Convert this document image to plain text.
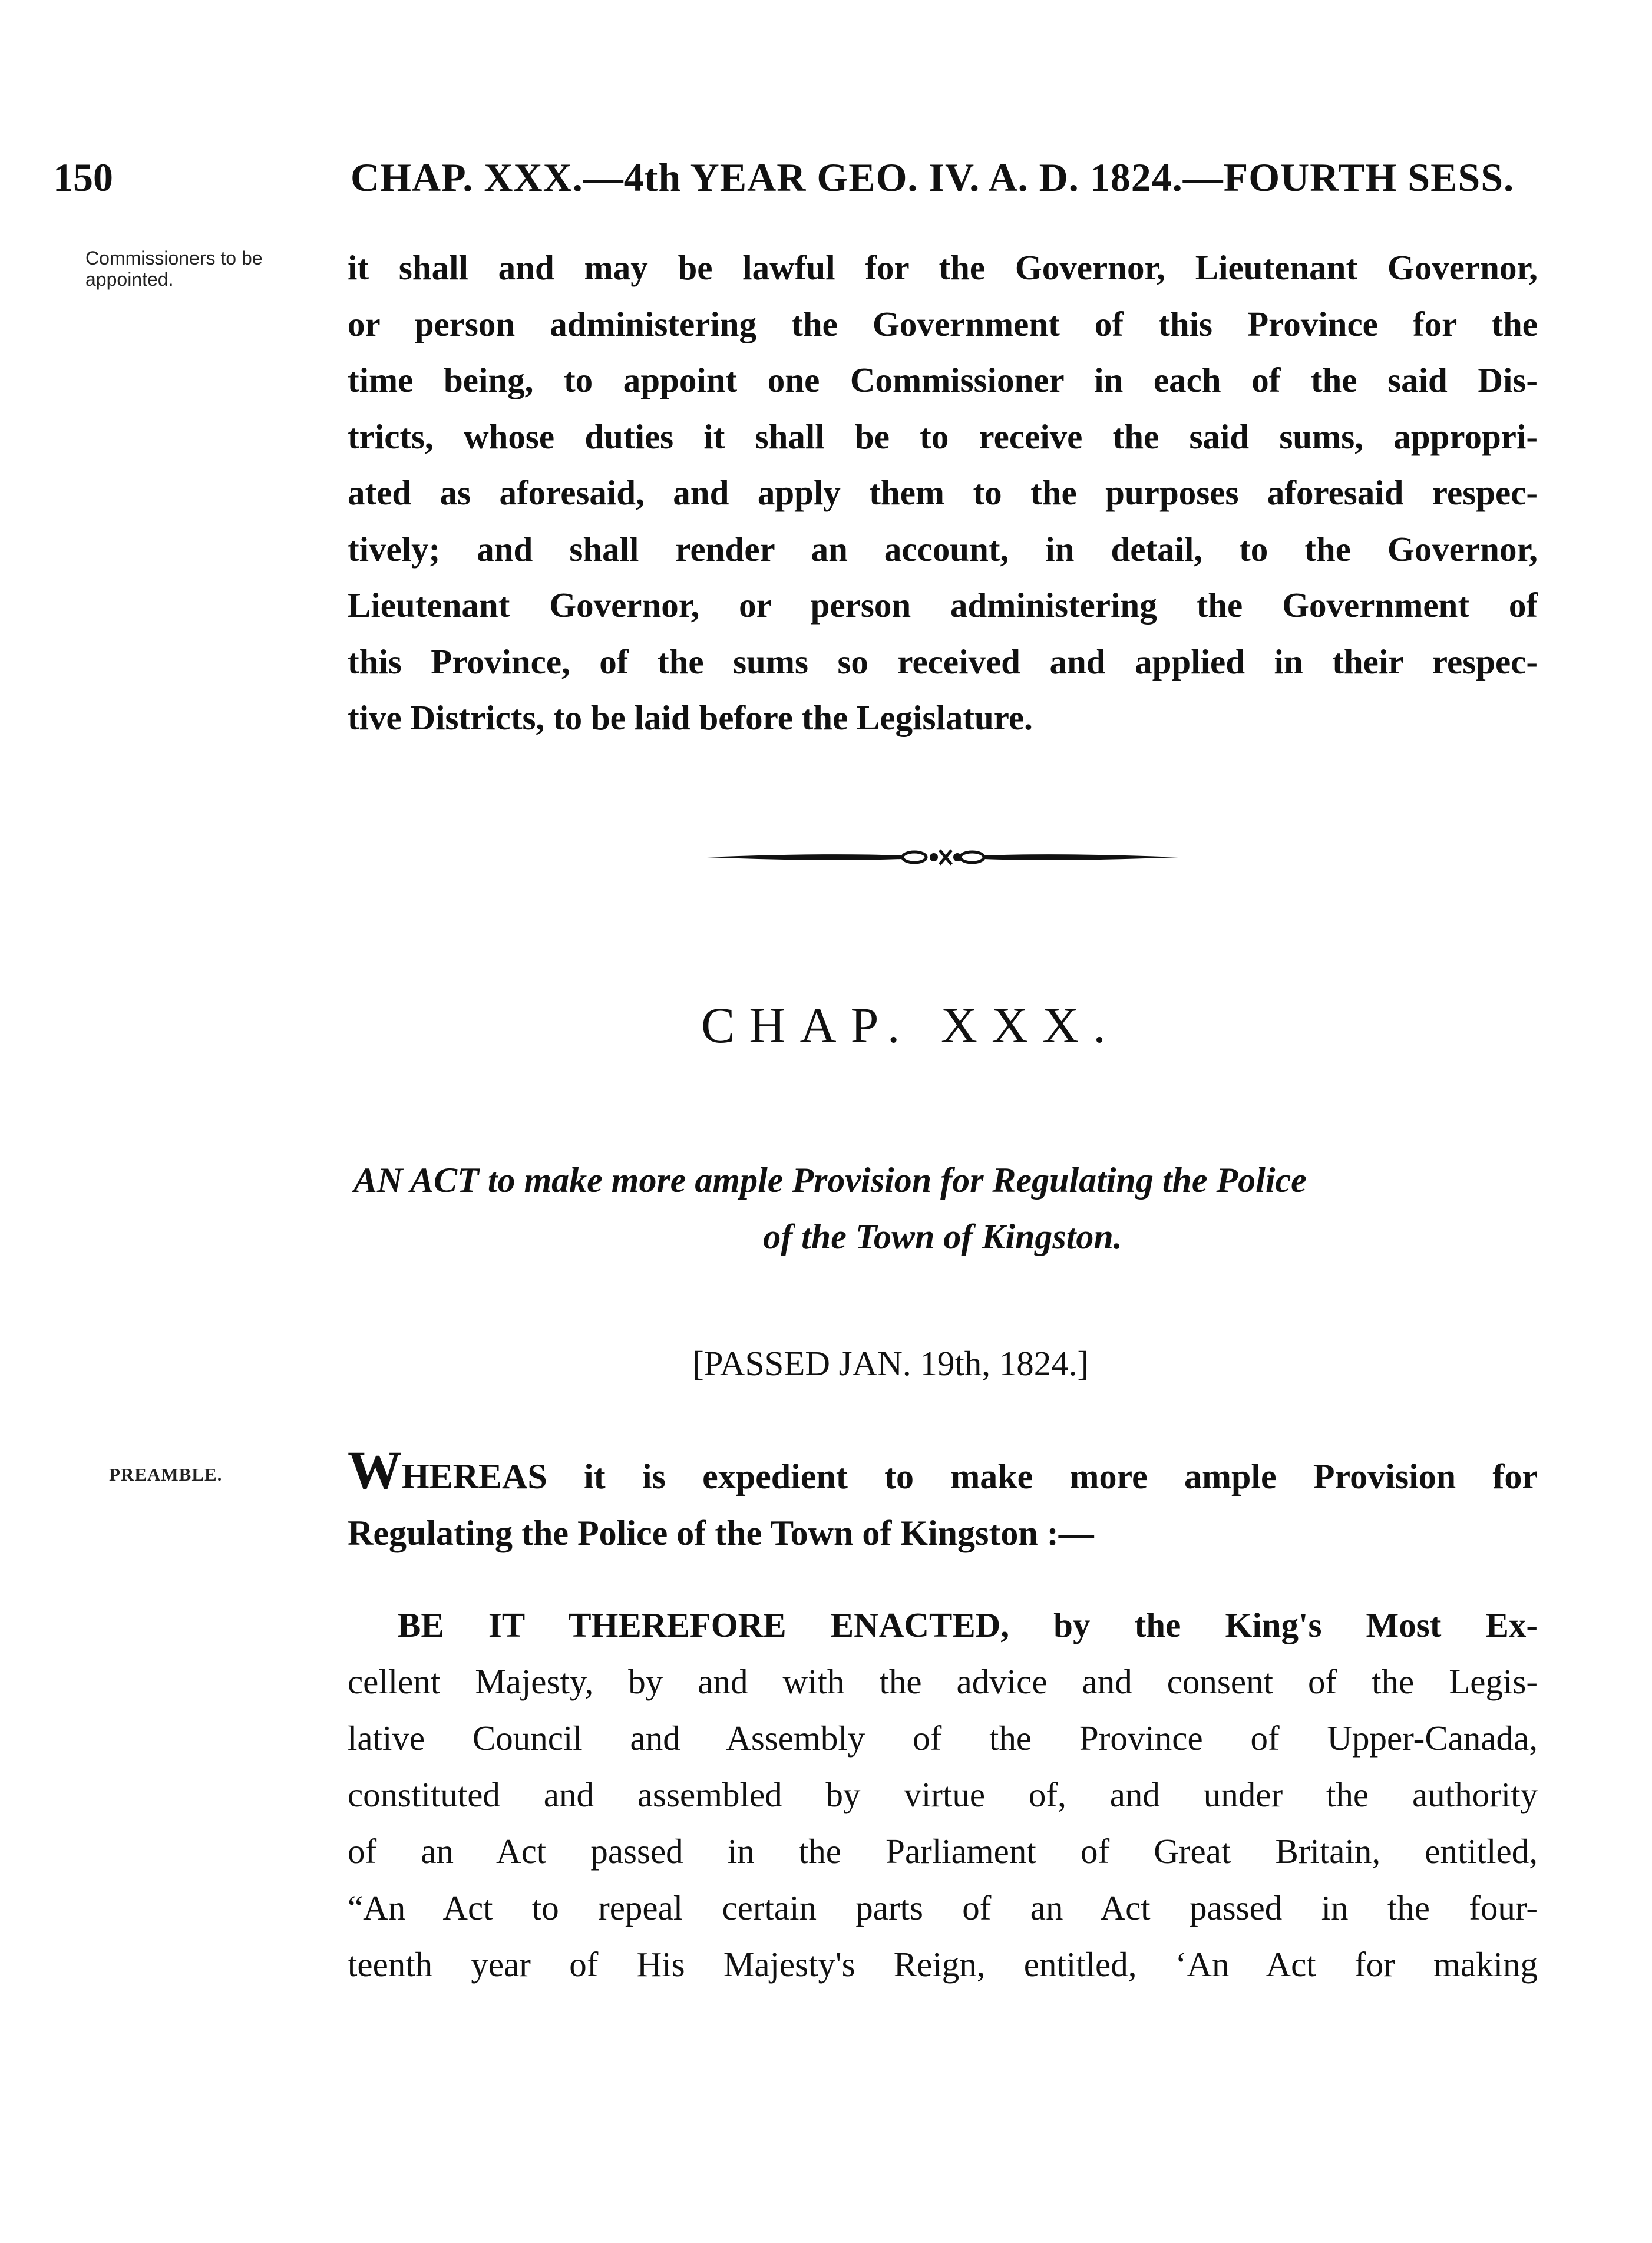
150	CHAP. XXX.—4th YEAR GEO. IV. A. D. 1824.—FOURTH SESS.
Commissioners to be appointed.	it shall and may be lawful for the Governor, Lieutenant Governor,
or person administering the Government of this Province for the
time being, to appoint one Commissioner in each of the said Dis-
tricts, whose duties it shall be to receive the said sums, appropri-
ated as aforesaid, and apply them to the purposes aforesaid respec-
tively; and shall render an account, in detail, to the Governor,
Lieutenant Governor, or person administering the Government of
this Province, of the sums so received and applied in their respec-
tive Districts, to be laid before the Legislature.
CHAP. XXX.
AN ACT to make more ample Provision for Regulating the Police
of the Town of Kingston.
[PASSED JAN. 19th, 1824.]
PREAMBLE. WHEREAS it is expedient to make more ample Provision for
Regulating the Police of the Town of Kingston :—
BE IT THEREFORE ENACTED, by the King's Most Ex-
cellent Majesty, by and with the advice and consent of the Legis-
lative Council and Assembly of the Province of Upper-Canada,
constituted and assembled by virtue of, and under the authority
of an Act passed in the Parliament of Great Britain, entitled,
“An Act to repeal certain parts of an Act passed in the four-
teenth year of His Majesty's Reign, entitled, ‘An Act for making
